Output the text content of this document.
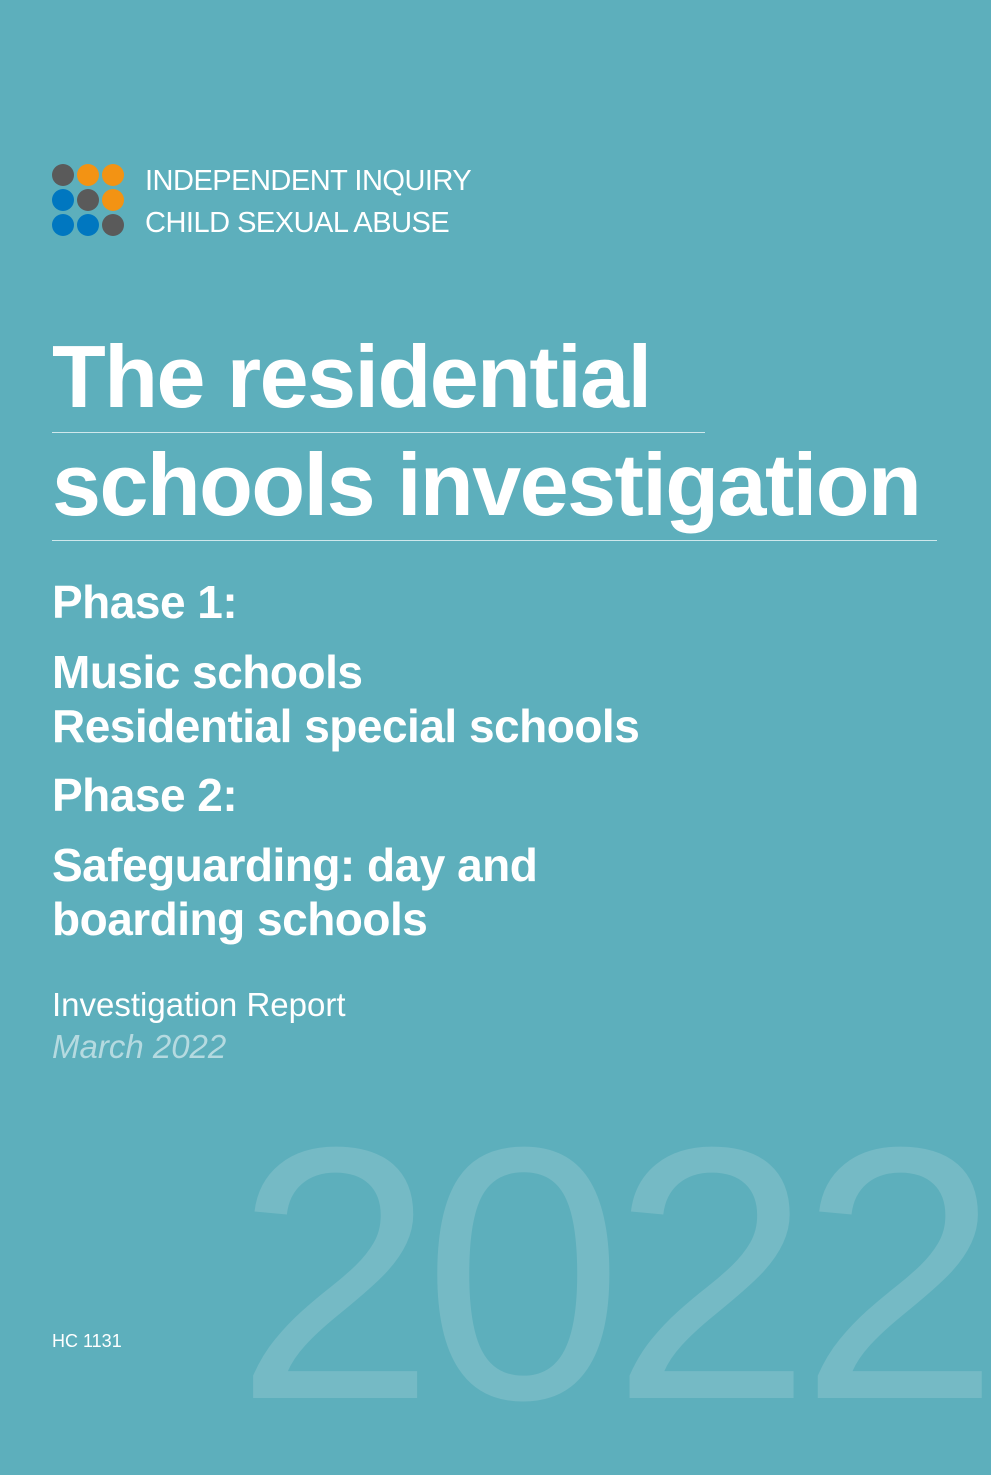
2022
INDEPENDENT INQUIRY
CHILD SEXUAL ABUSE
The residential
schools investigation
Phase 1:
Music schools
Residential special schools
Phase 2:
Safeguarding: day and
boarding schools
Investigation Report
March 2022
HC 1131
